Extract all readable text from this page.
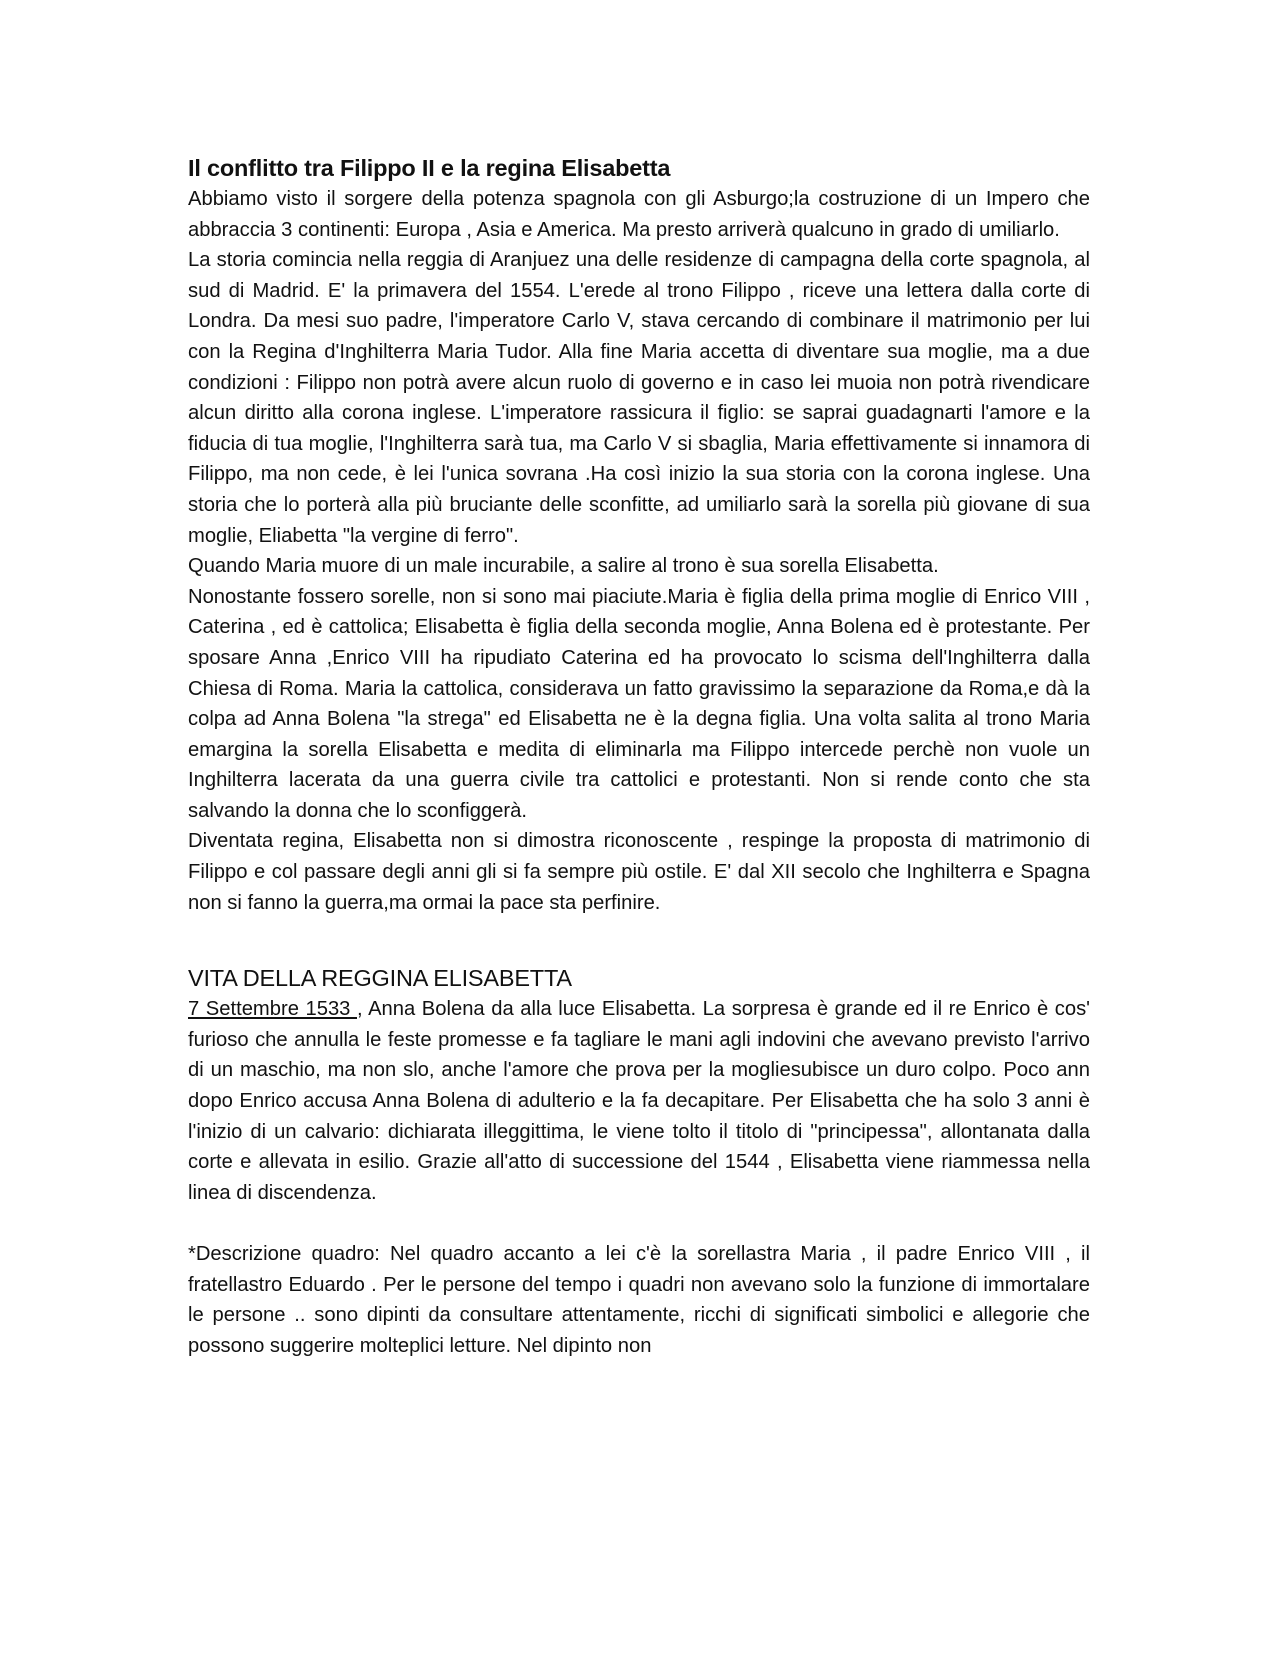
Il conflitto tra Filippo II e la regina Elisabetta

Abbiamo visto il sorgere della potenza spagnola con gli Asburgo;la costruzione di un Impero che abbraccia 3 continenti: Europa , Asia e America. Ma presto arriverà qualcuno in grado di umiliarlo.

La storia comincia nella reggia di Aranjuez una delle residenze di campagna della corte spagnola, al sud di Madrid. E' la primavera del 1554. L'erede al trono Filippo , riceve una lettera dalla corte di Londra. Da mesi suo padre, l'imperatore Carlo V, stava cercando di combinare il matrimonio per lui con la Regina d'Inghilterra Maria Tudor. Alla fine Maria accetta di diventare sua moglie, ma a due condizioni : Filippo non potrà avere alcun ruolo di governo e in caso lei muoia non potrà rivendicare alcun diritto alla corona inglese. L'imperatore rassicura il figlio: se saprai guadagnarti l'amore e la fiducia di tua moglie, l'Inghilterra sarà tua, ma Carlo V si sbaglia, Maria effettivamente si innamora di Filippo, ma non cede, è lei l'unica sovrana .Ha così inizio la sua storia con la corona inglese. Una storia che lo porterà alla più bruciante delle sconfitte, ad umiliarlo sarà la sorella più giovane di sua moglie, Eliabetta "la vergine di ferro".

Quando Maria muore di un male incurabile, a salire al trono è sua sorella Elisabetta.

Nonostante fossero sorelle, non si sono mai piaciute.Maria è figlia della prima moglie di Enrico VIII , Caterina , ed è cattolica; Elisabetta è figlia della seconda moglie, Anna Bolena ed è protestante. Per sposare Anna ,Enrico VIII ha ripudiato Caterina ed ha provocato lo scisma dell'Inghilterra dalla Chiesa di Roma. Maria la cattolica, considerava un fatto gravissimo la separazione da Roma,e dà la colpa ad Anna Bolena "la strega" ed Elisabetta ne è la degna figlia. Una volta salita al trono Maria emargina la sorella Elisabetta e medita di eliminarla ma Filippo intercede perchè non vuole un Inghilterra lacerata da una guerra civile tra cattolici e protestanti. Non si rende conto che sta salvando la donna che lo sconfiggerà.

Diventata regina, Elisabetta non si dimostra riconoscente , respinge la proposta di matrimonio di Filippo e col passare degli anni gli si fa sempre più ostile. E' dal XII secolo che Inghilterra e Spagna non si fanno la guerra,ma ormai la pace sta perfinire.

VITA DELLA REGGINA ELISABETTA

7 Settembre 1533 , Anna Bolena da alla luce Elisabetta. La sorpresa è grande ed il re Enrico è cos' furioso che annulla le feste promesse e fa tagliare le mani agli indovini che avevano previsto l'arrivo di un maschio, ma non slo, anche l'amore che prova per la mogliesubisce un duro colpo. Poco ann dopo Enrico accusa Anna Bolena di adulterio e la fa decapitare. Per Elisabetta che ha solo 3 anni è l'inizio di un calvario: dichiarata illeggittima, le viene tolto il titolo di "principessa", allontanata dalla corte e allevata in esilio. Grazie all'atto di successione del 1544 , Elisabetta viene riammessa nella linea di discendenza.

*Descrizione quadro: Nel quadro accanto a lei c'è la sorellastra Maria , il padre Enrico VIII , il fratellastro Eduardo . Per le persone del tempo i quadri non avevano solo la funzione di immortalare le persone .. sono dipinti da consultare attentamente, ricchi di significati simbolici e allegorie che possono suggerire molteplici letture. Nel dipinto non
